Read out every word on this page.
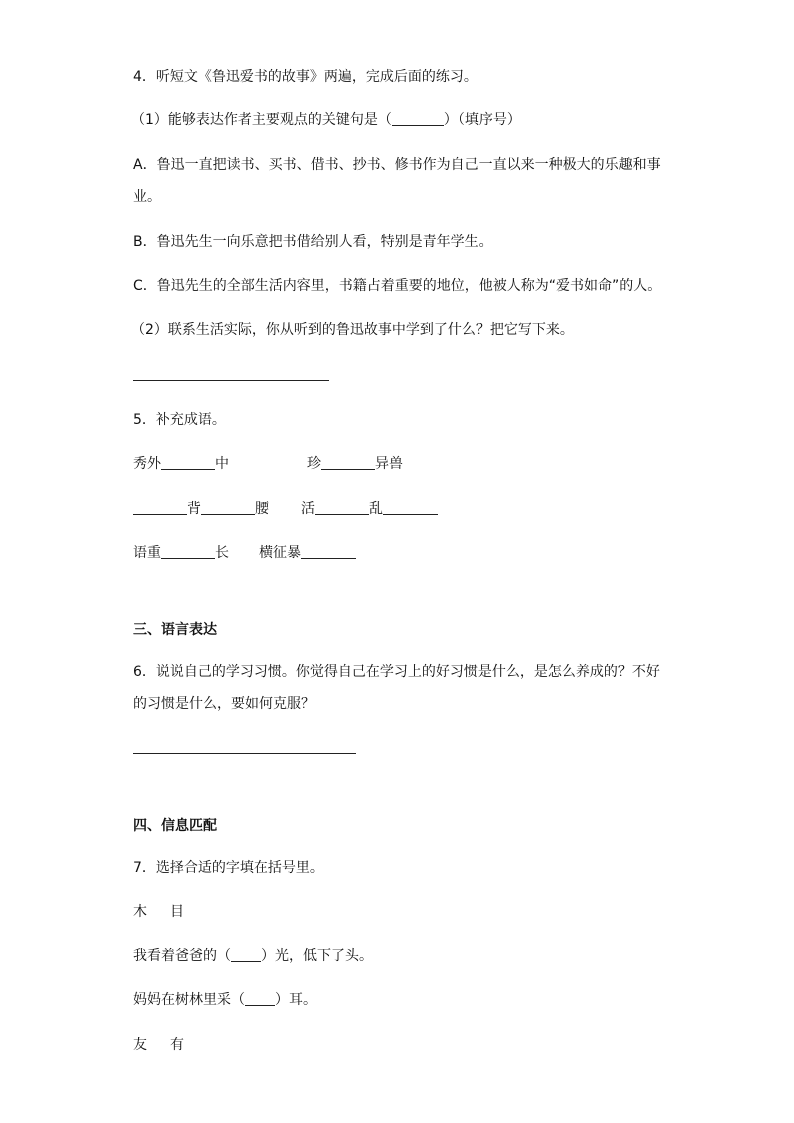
4．听短文《鲁迅爱书的故事》两遍，完成后面的练习。
（1）能够表达作者主要观点的关键句是（	）（填序号）
A．鲁迅一直把读书、买书、借书、抄书、修书作为自己一直以来一种极大的乐趣和事
业。
B．鲁迅先生一向乐意把书借给别人看，特别是青年学生。
C．鲁迅先生的全部生活内容里，书籍占着重要的地位，他被人称为“爱书如命”的人。
（2）联系生活实际，你从听到的鲁迅故事中学到了什么？把它写下来。
5．补充成语。
秀外	中	珍	异兽
背	腰 活	乱
语重	长 横征暴
三、语言表达
6．说说自己的学习习惯。你觉得自己在学习上的好习惯是什么，是怎么养成的？不好
的习惯是什么，要如何克服？
四、信息匹配
7．选择合适的字填在括号里。
木 目
我看着爸爸的（ ）光，低下了头。
妈妈在树林里采（ ）耳。
友 有
